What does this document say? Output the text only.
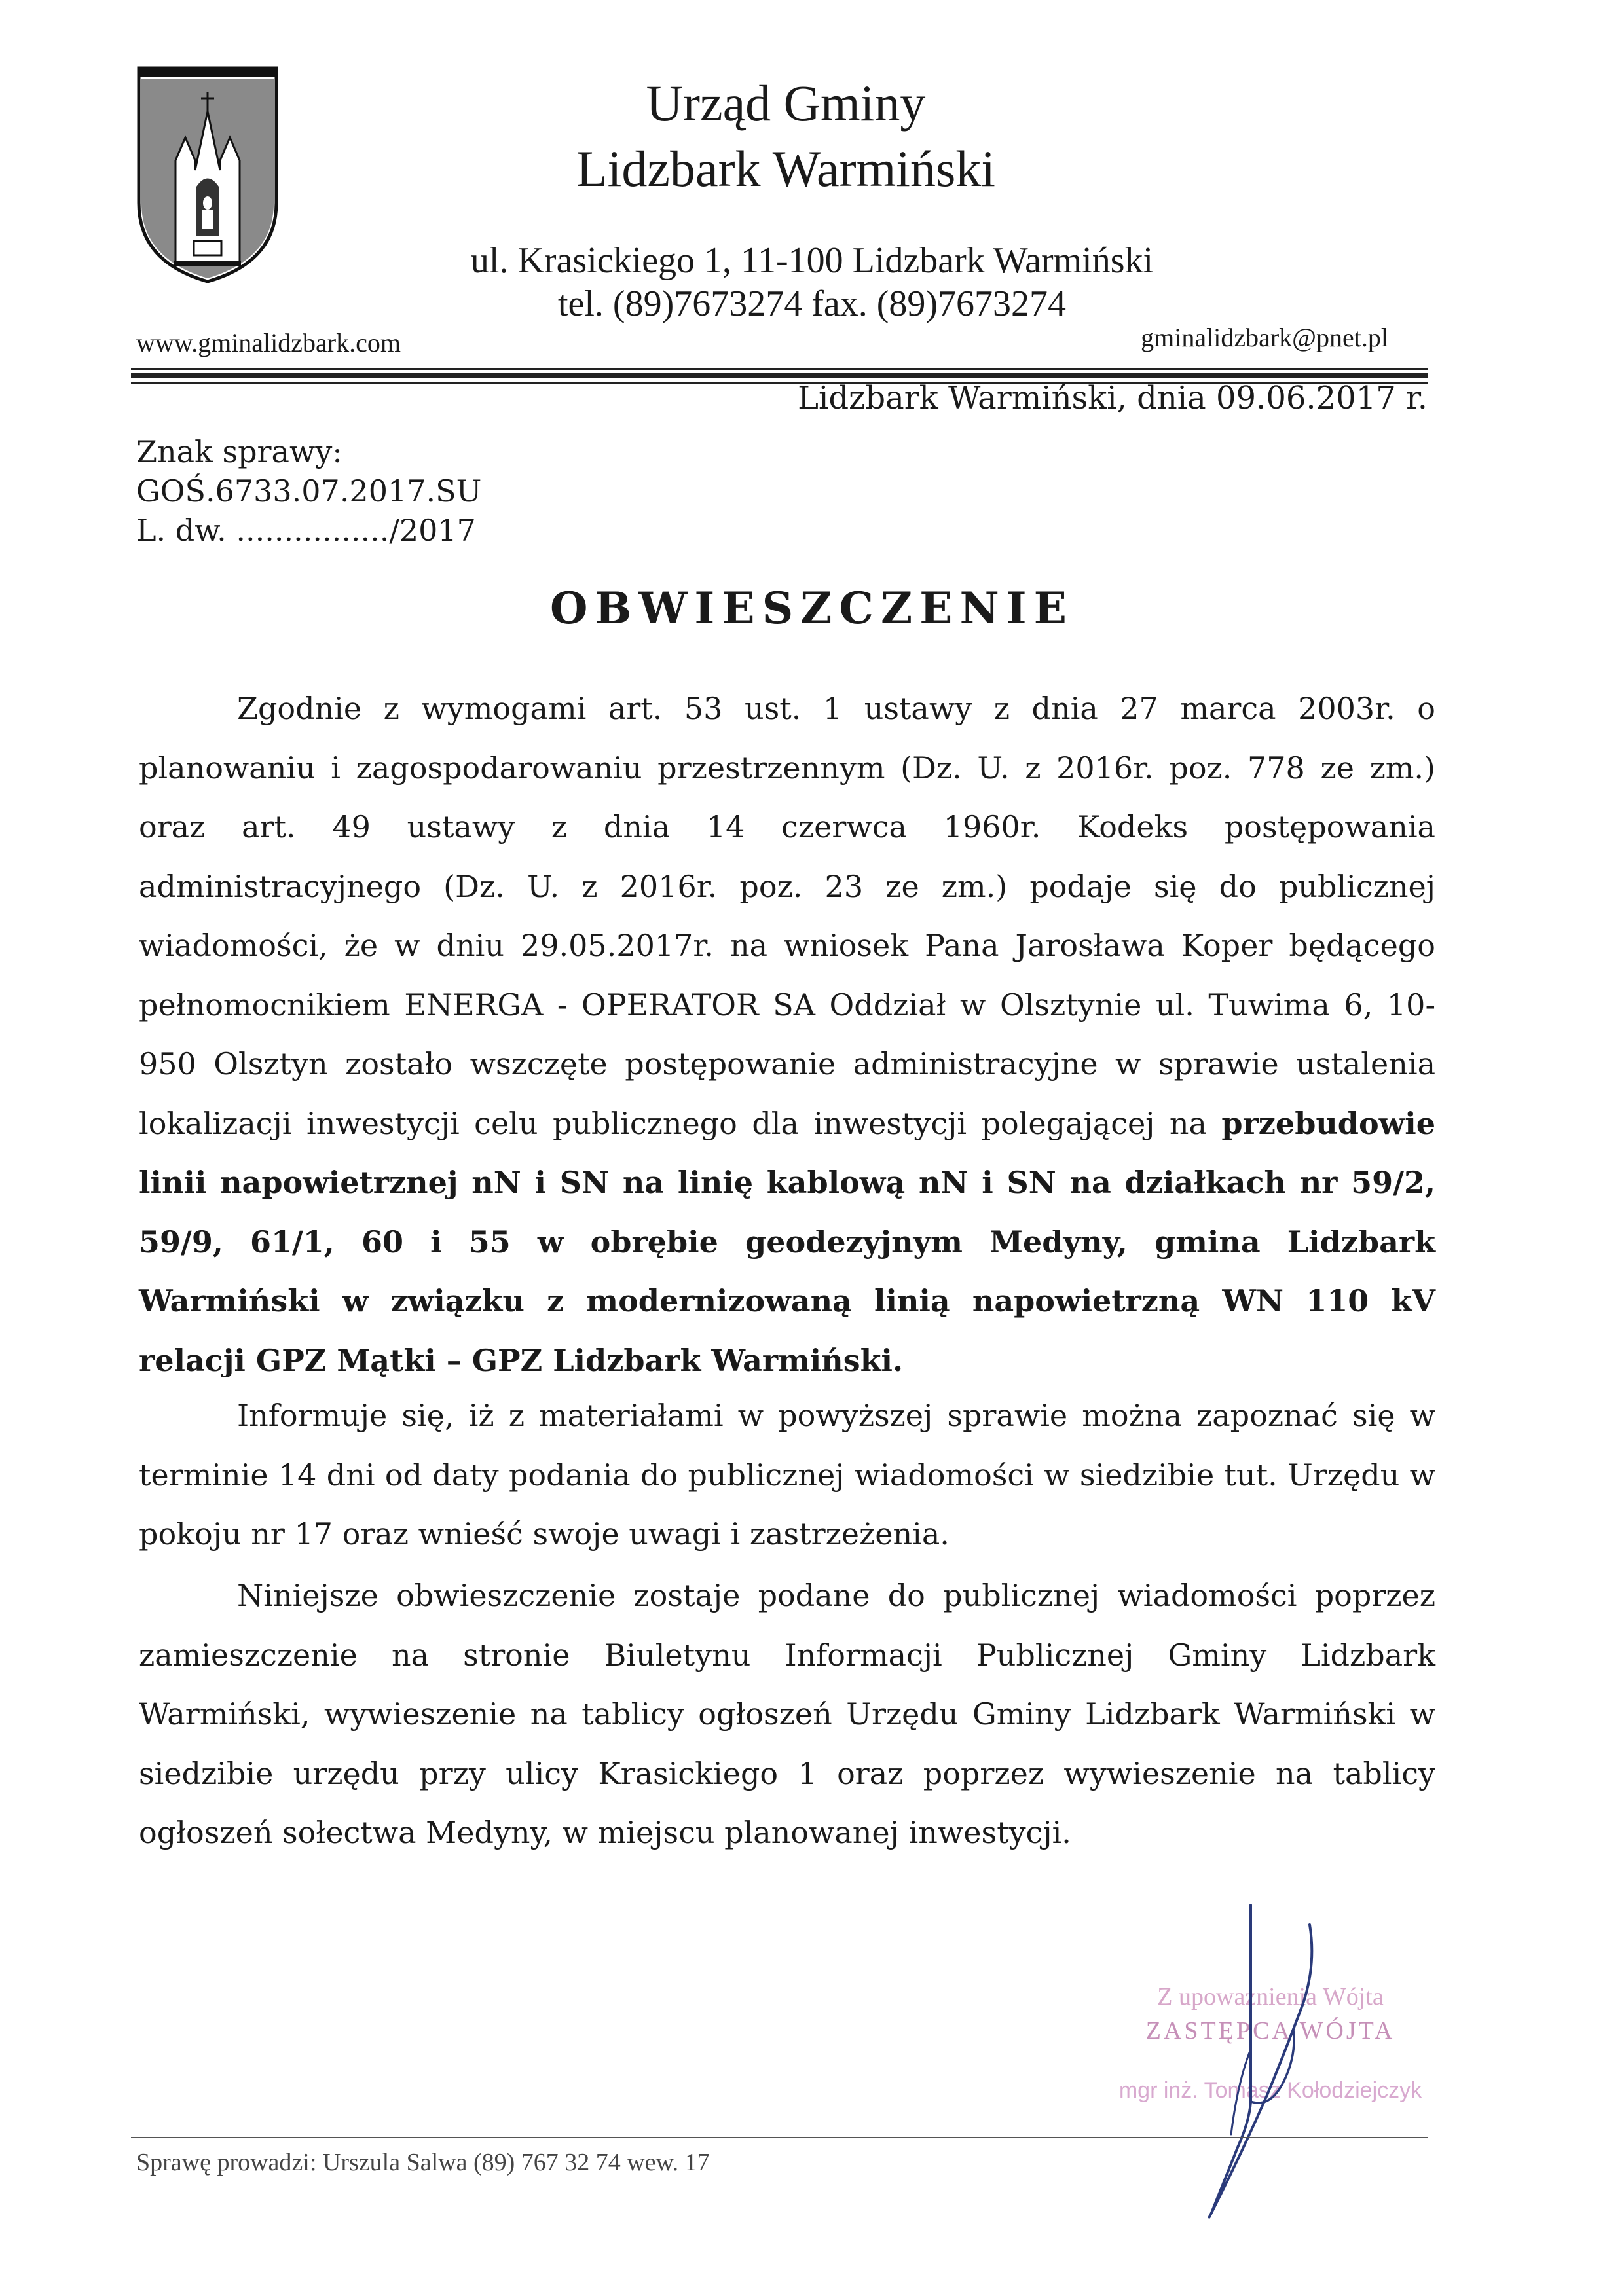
Urząd Gminy
Lidzbark Warmiński
ul. Krasickiego 1, 11-100 Lidzbark Warmiński
tel. (89)7673274 fax. (89)7673274
www.gminalidzbark.com	gminalidzbark@pnet.pl
Lidzbark Warmiński, dnia 09.06.2017 r.
Znak sprawy:
GOŚ.6733.07.2017.SU
L. dw. ................/2017
OBWIESZCZENIE

Zgodnie z wymogami art. 53 ust. 1 ustawy z dnia 27 marca 2003r. o planowaniu i zagospodarowaniu przestrzennym (Dz. U. z 2016r. poz. 778 ze zm.) oraz art. 49 ustawy z dnia 14 czerwca 1960r. Kodeks postępowania administracyjnego (Dz. U. z 2016r. poz. 23 ze zm.) podaje się do publicznej wiadomości, że w dniu 29.05.2017r. na wniosek Pana Jarosława Koper będącego pełnomocnikiem ENERGA - OPERATOR SA Oddział w Olsztynie ul. Tuwima 6, 10-950 Olsztyn zostało wszczęte postępowanie administracyjne w sprawie ustalenia lokalizacji inwestycji celu publicznego dla inwestycji polegającej na przebudowie linii napowietrznej nN i SN na linię kablową nN i SN na działkach nr 59/2, 59/9, 61/1, 60 i 55 w obrębie geodezyjnym Medyny, gmina Lidzbark Warmiński w związku z modernizowaną linią napowietrzną WN 110 kV relacji GPZ Mątki – GPZ Lidzbark Warmiński.

Informuje się, iż z materiałami w powyższej sprawie można zapoznać się w terminie 14 dni od daty podania do publicznej wiadomości w siedzibie tut. Urzędu w pokoju nr 17 oraz wnieść swoje uwagi i zastrzeżenia.

Niniejsze obwieszczenie zostaje podane do publicznej wiadomości poprzez zamieszczenie na stronie Biuletynu Informacji Publicznej Gminy Lidzbark Warmiński, wywieszenie na tablicy ogłoszeń Urzędu Gminy Lidzbark Warmiński w siedzibie urzędu przy ulicy Krasickiego 1 oraz poprzez wywieszenie na tablicy ogłoszeń sołectwa Medyny, w miejscu planowanej inwestycji.

Z upoważnienia Wójta
ZASTĘPCA WÓJTA
mgr inż. Tomasz Kołodziejczyk
Sprawę prowadzi: Urszula Salwa (89) 767 32 74 wew. 17
